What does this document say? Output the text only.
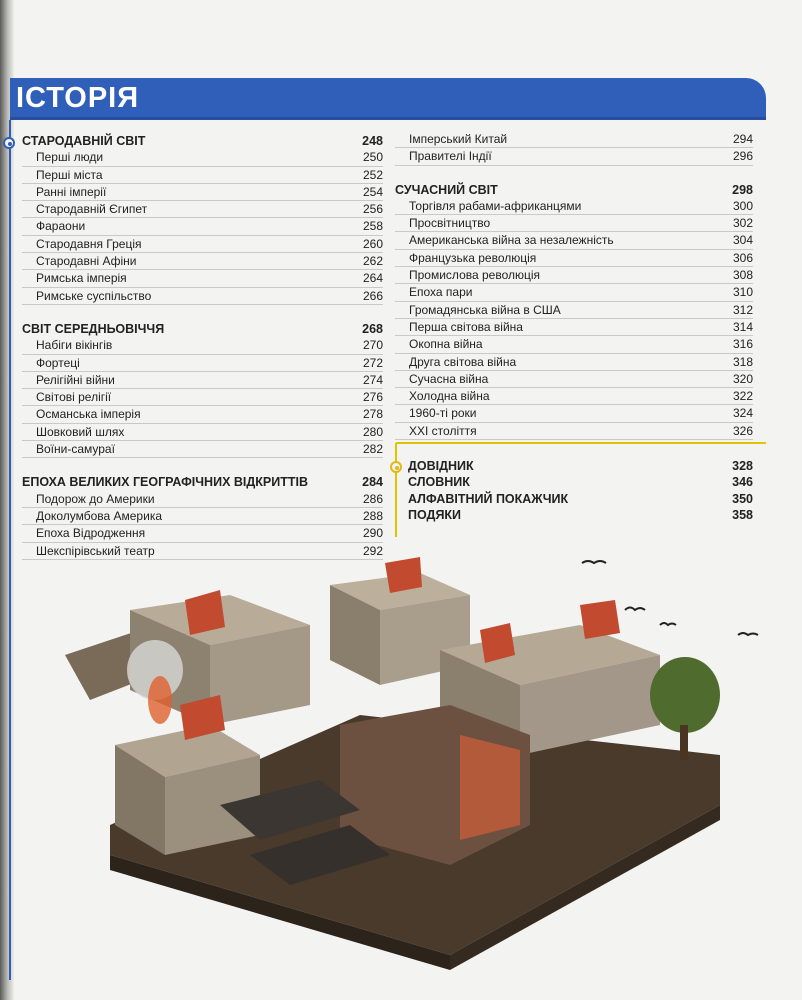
ІСТОРІЯ
СТАРОДАВНІЙ СВІТ	248
Перші люди	250
Перші міста	252
Ранні імперії	254
Стародавній Єгипет	256
Фараони	258
Стародавня Греція	260
Стародавні Афіни	262
Римська імперія	264
Римське суспільство	266
СВІТ СЕРЕДНЬОВІЧЧЯ	268
Набіги вікінгів	270
Фортеці	272
Релігійні війни	274
Світові релігії	276
Османська імперія	278
Шовковий шлях	280
Воїни-самураї	282
ЕПОХА ВЕЛИКИХ ГЕОГРАФІЧНИХ ВІДКРИТТІВ	284
Подорож до Америки	286
Доколумбова Америка	288
Епоха Відродження	290
Шекспірівський театр	292
Імперський Китай	294
Правителі Індії	296
СУЧАСНИЙ СВІТ	298
Торгівля рабами-африканцями	300
Просвітництво	302
Американська війна за незалежність	304
Французька революція	306
Промислова революція	308
Епоха пари	310
Громадянська війна в США	312
Перша світова війна	314
Окопна війна	316
Друга світова війна	318
Сучасна війна	320
Холодна війна	322
1960-ті роки	324
XXI століття	326
ДОВІДНИК	328
СЛОВНИК	346
АЛФАВІТНИЙ ПОКАЖЧИК	350
ПОДЯКИ	358
